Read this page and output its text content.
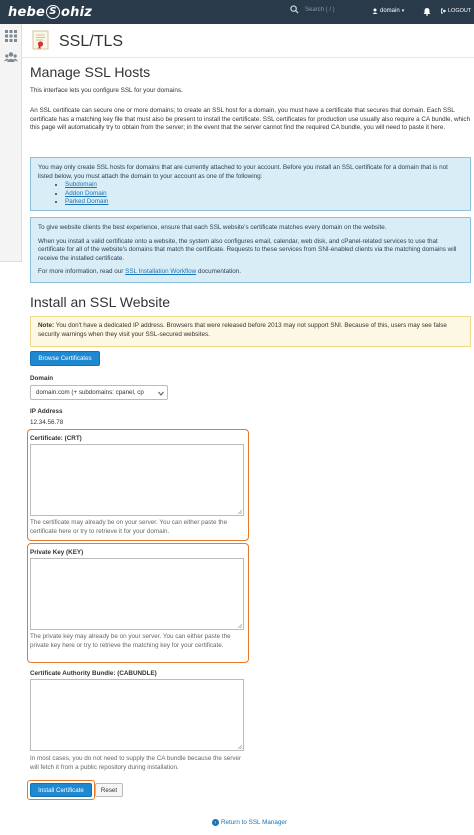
hebe S ohiz	Search ( / )	domain ▾	LOGOUT
SSL/TLS
Manage SSL Hosts
This interface lets you configure SSL for your domains.
An SSL certificate can secure one or more domains; to create an SSL host for a domain, you must have a certificate that secures that domain. Each SSL certificate has a matching key file that must also be present to install the certificate. SSL certificates for production use usually also require a CA bundle, which this page will automatically try to obtain from the server; in the event that the server cannot find the required CA bundle, you will need to paste it here.
You may only create SSL hosts for domains that are currently attached to your account. Before you install an SSL certificate for a domain that is not listed below, you must attach the domain to your account as one of the following:
• Subdomain
• Addon Domain
• Parked Domain
To give website clients the best experience, ensure that each SSL website's certificate matches every domain on the website.
When you install a valid certificate onto a website, the system also configures email, calendar, web disk, and cPanel-related services to use that certificate for all of the website's domains that match the certificate. Requests to these services from SNI-enabled clients via the matching domains will receive the installed certificate.
For more information, read our SSL Installation Workflow documentation.
Install an SSL Website
Note: You don't have a dedicated IP address. Browsers that were released before 2013 may not support SNI. Because of this, users may see false security warnings when they visit your SSL-secured websites.
Browse Certificates
Domain
domain.com (+ subdomains: cpanel, cp
IP Address
12.34.56.78
Certificate: (CRT)
The certificate may already be on your server. You can either paste the certificate here or try to retrieve it for your domain.
Private Key (KEY)
The private key may already be on your server. You can either paste the private key here or try to retrieve the matching key for your certificate.
Certificate Authority Bundle: (CABUNDLE)
In most cases, you do not need to supply the CA bundle because the server will fetch it from a public repository during installation.
Install Certificate	Reset
‹ Return to SSL Manager
